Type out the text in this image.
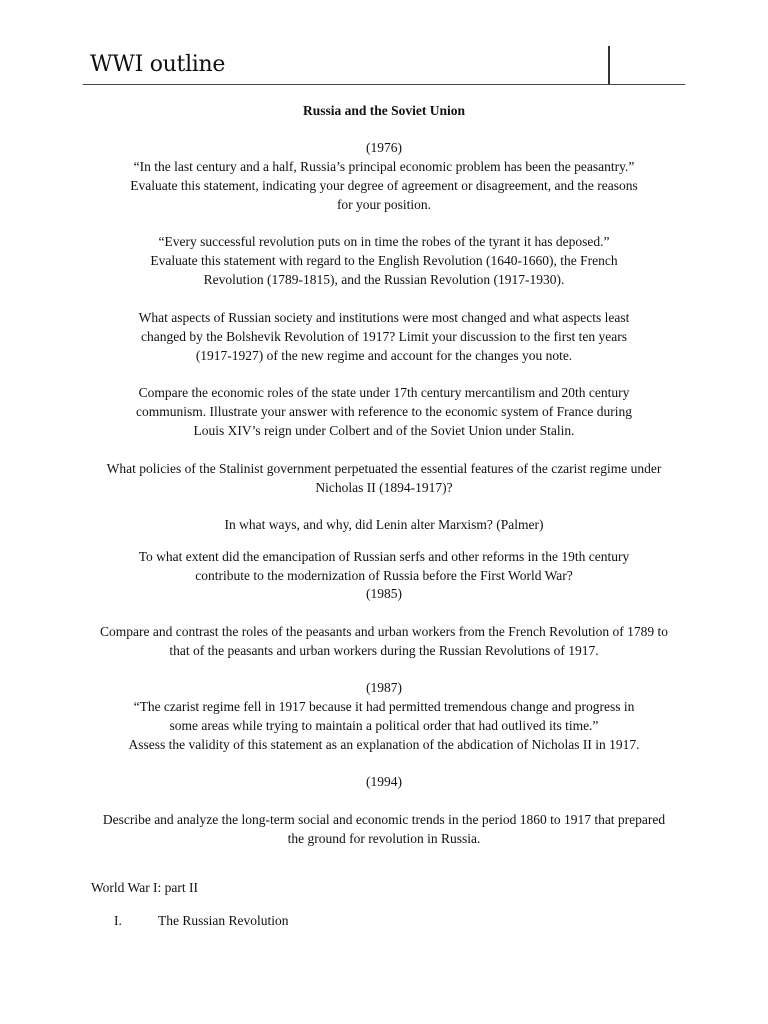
WWI outline

Russia and the Soviet Union

(1976)

“In the last century and a half, Russia’s principal economic problem has been the peasantry.”

Evaluate this statement, indicating your degree of agreement or disagreement, and the reasons

for your position.

“Every successful revolution puts on in time the robes of the tyrant it has deposed.”

Evaluate this statement with regard to the English Revolution (1640-1660), the French

Revolution (1789-1815), and the Russian Revolution (1917-1930).

What aspects of Russian society and institutions were most changed and what aspects least

changed by the Bolshevik Revolution of 1917? Limit your discussion to the first ten years

(1917-1927) of the new regime and account for the changes you note.

Compare the economic roles of the state under 17th century mercantilism and 20th century

communism. Illustrate your answer with reference to the economic system of France during

Louis XIV’s reign under Colbert and of the Soviet Union under Stalin.

What policies of the Stalinist government perpetuated the essential features of the czarist regime under

Nicholas II (1894-1917)?

In what ways, and why, did Lenin alter Marxism? (Palmer)

To what extent did the emancipation of Russian serfs and other reforms in the 19th century

contribute to the modernization of Russia before the First World War?

(1985)

Compare and contrast the roles of the peasants and urban workers from the French Revolution of 1789 to

that of the peasants and urban workers during the Russian Revolutions of 1917.

(1987)

“The czarist regime fell in 1917 because it had permitted tremendous change and progress in

some areas while trying to maintain a political order that had outlived its time.”

Assess the validity of this statement as an explanation of the abdication of Nicholas II in 1917.

(1994)

Describe and analyze the long-term social and economic trends in the period 1860 to 1917 that prepared

the ground for revolution in Russia.

World War I: part II

I.	The Russian Revolution
